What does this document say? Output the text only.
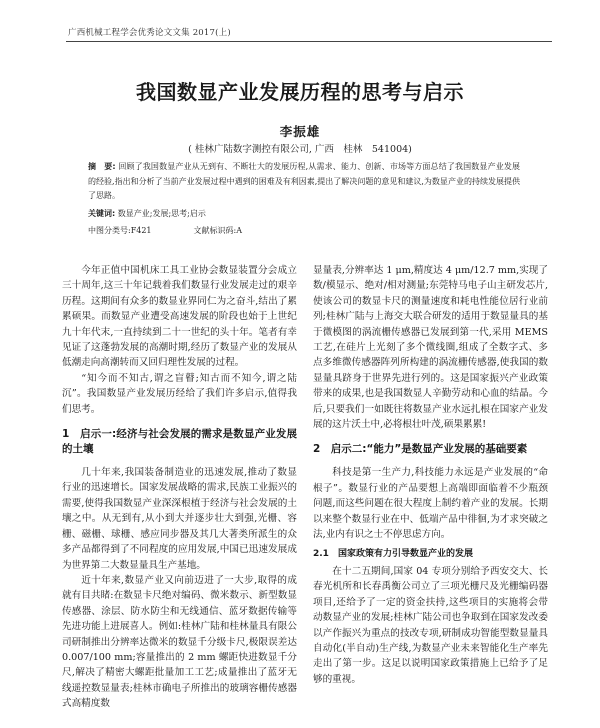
广西机械工程学会优秀论文文集 2017(上)
我国数显产业发展历程的思考与启示
李振雄
( 桂林广陆数字测控有限公司, 广西　桂林　541004)
摘　要: 回顾了我国数显产业从无到有、不断壮大的发展历程,从需求、能力、创新、市场等方面总结了我国数显产业发展的经验,指出和分析了当前产业发展过程中遇到的困难及有利因素,提出了解决问题的意见和建议,为数显产业的持续发展提供了思路。
关键词: 数显产业;发展;思考;启示
中图分类号:F421	文献标识码:A

今年正值中国机床工具工业协会数显装置分会成立三十周年,这三十年记载着我们数显行业发展走过的艰辛历程。这期间有众多的数显业界同仁为之奋斗,结出了累累硕果。而数显产业遭受高速发展的阶段也始于上世纪九十年代末,一直持续到二十一世纪的头十年。笔者有幸见证了这蓬勃发展的高潮时期,经历了数显产业的发展从低潮走向高潮转而又回归理性发展的过程。

“知今而不知古,谓之盲瞽;知古而不知今,谓之陆沉”。我国数显产业发展历经给了我们许多启示,值得我们思考。

1　启示一:经济与社会发展的需求是数显产业发展的土壤

几十年来,我国装备制造业的迅速发展,推动了数显行业的迅速增长。国家发展战略的需求,民族工业振兴的需要,使得我国数显产业深深根植于经济与社会发展的土壤之中。从无到有,从小到大并逐步壮大到强,光栅、容栅、磁栅、球栅、感应同步器及其几大著类所派生的众多产品都得到了不同程度的应用发展,中国已迅速发展成为世界第二大数显量具生产基地。

近十年来,数显产业又向前迈进了一大步,取得的成就有目共睹:在数显卡尺绝对编码、微米数示、新型数显传感器、涂层、防水防尘和无线通信、蓝牙数据传输等先进功能上进展喜人。例如:桂林广陆和桂林量具有限公司研制推出分辨率达微米的数显千分级卡尺,极限误差达 0.007/100 mm;容量推出的 2 mm 螺距快进数显千分尺,解决了精密大螺距批量加工工艺;成量推出了蓝牙无线遥控数显量表;桂林市确电子所推出的玻璃容栅传感器式高精度数

显量表,分辨率达 1 μm,精度达 4 μm/12.7 mm,实现了数/模显示、绝对/相对测量;东莞特马电子山主研发芯片,使该公司的数显卡尺的测量速度和耗电性能位居行业前列;桂林广陆与上海交大联合研发的适用于数显量具的基于微模图的涡流栅传感器已发展到第一代,采用 MEMS 工艺,在硅片上光刻了多个微线圈,组成了全数字式、多点多维微传感器阵列所构建的涡流栅传感器,使我国的数显量具跻身于世界先进行列的。这是国家振兴产业政策带来的成果,也是我国数显人辛勤劳动和心血的结晶。今后,只要我们一如既往将数显产业水远扎根在国家产业发展的这片沃土中,必将根壮叶茂,硕果累累!

2　启示二:“能力”是数显产业发展的基础要素

科技是第一生产力,科技能力永远是产业发展的“命根子”。数显行业的产品要想上高端即面临着不少瓶颈问题,而这些问题在很大程度上制约着产业的发展。长期以来整个数显行业在中、低端产品中徘徊,为才求突破之法,业内有识之士不停思虑方向。

2.1　国家政策有力引导数显产业的发展

在十二五期间,国家 04 专项分别给予西安交大、长春光机所和长春禹衡公司立了三项光栅尺及光栅编码器项目,还给予了一定的资金扶持,这些项目的实施将会带动数显产业的发展;桂林广陆公司也争取到在国家发改委以产作振兴为重点的技改专项,研制成功智能型数显量具自动化(半自动)生产线,为数显产业未来智能化生产率先走出了第一步。这足以说明国家政策措施上已给予了足够的重视。
